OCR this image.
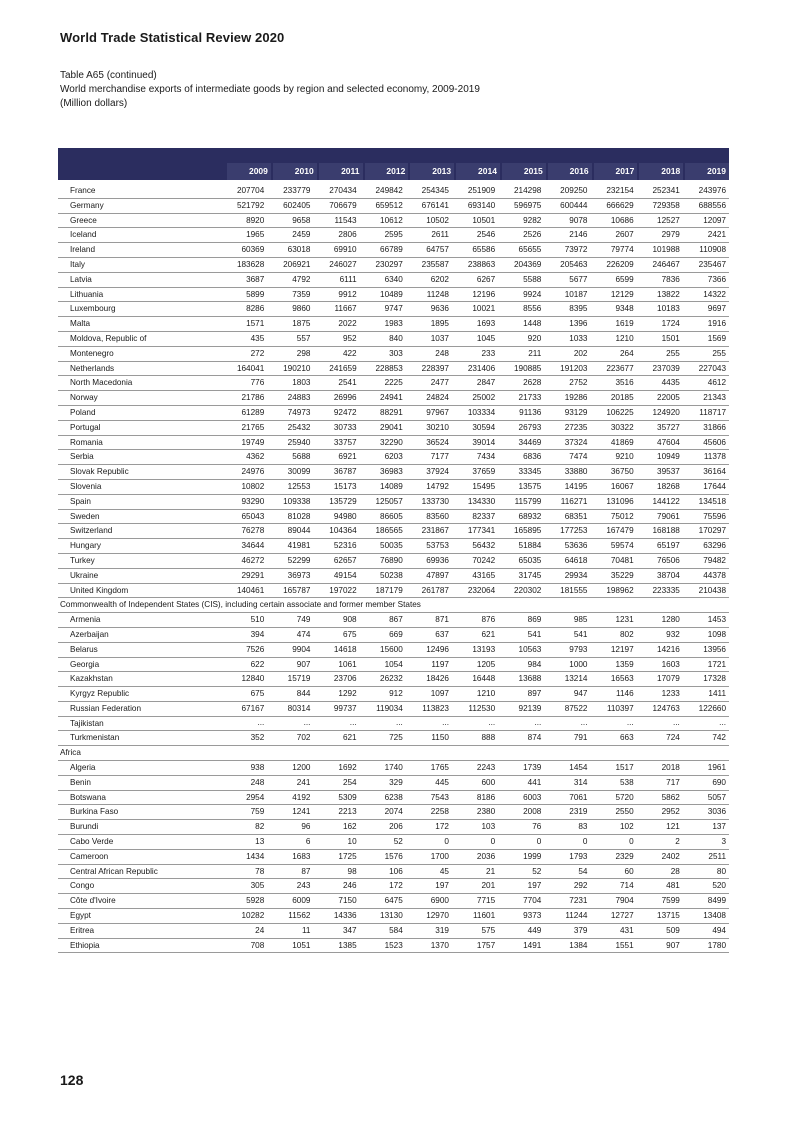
World Trade Statistical Review 2020
Table A65 (continued)
World merchandise exports of intermediate goods by region and selected economy, 2009-2019
(Million dollars)
2009	2010	2011	2012	2013	2014	2015	2016	2017	2018	2019
France	207704	233779	270434	249842	254345	251909	214298	209250	232154	252341	243976
Germany	521792	602405	706679	659512	676141	693140	596975	600444	666629	729358	688556
Greece	8920	9658	11543	10612	10502	10501	9282	9078	10686	12527	12097
Iceland	1965	2459	2806	2595	2611	2546	2526	2146	2607	2979	2421
Ireland	60369	63018	69910	66789	64757	65586	65655	73972	79774	101988	110908
Italy	183628	206921	246027	230297	235587	238863	204369	205463	226209	246467	235467
Latvia	3687	4792	6111	6340	6202	6267	5588	5677	6599	7836	7366
Lithuania	5899	7359	9912	10489	11248	12196	9924	10187	12129	13822	14322
Luxembourg	8286	9860	11667	9747	9636	10021	8556	8395	9348	10183	9697
Malta	1571	1875	2022	1983	1895	1693	1448	1396	1619	1724	1916
Moldova, Republic of	435	557	952	840	1037	1045	920	1033	1210	1501	1569
Montenegro	272	298	422	303	248	233	211	202	264	255	255
Netherlands	164041	190210	241659	228853	228397	231406	190885	191203	223677	237039	227043
North Macedonia	776	1803	2541	2225	2477	2847	2628	2752	3516	4435	4612
Norway	21786	24883	26996	24941	24824	25002	21733	19286	20185	22005	21343
Poland	61289	74973	92472	88291	97967	103334	91136	93129	106225	124920	118717
Portugal	21765	25432	30733	29041	30210	30594	26793	27235	30322	35727	31866
Romania	19749	25940	33757	32290	36524	39014	34469	37324	41869	47604	45606
Serbia	4362	5688	6921	6203	7177	7434	6836	7474	9210	10949	11378
Slovak Republic	24976	30099	36787	36983	37924	37659	33345	33880	36750	39537	36164
Slovenia	10802	12553	15173	14089	14792	15495	13575	14195	16067	18268	17644
Spain	93290	109338	135729	125057	133730	134330	115799	116271	131096	144122	134518
Sweden	65043	81028	94980	86605	83560	82337	68932	68351	75012	79061	75596
Switzerland	76278	89044	104364	186565	231867	177341	165895	177253	167479	168188	170297
Hungary	34644	41981	52316	50035	53753	56432	51884	53636	59574	65197	63296
Turkey	46272	52299	62657	76890	69936	70242	65035	64618	70481	76506	79482
Ukraine	29291	36973	49154	50238	47897	43165	31745	29934	35229	38704	44378
United Kingdom	140461	165787	197022	187179	261787	232064	220302	181555	198962	223335	210438
Commonwealth of Independent States (CIS), including certain associate and former member States
Armenia	510	749	908	867	871	876	869	985	1231	1280	1453
Azerbaijan	394	474	675	669	637	621	541	541	802	932	1098
Belarus	7526	9904	14618	15600	12496	13193	10563	9793	12197	14216	13956
Georgia	622	907	1061	1054	1197	1205	984	1000	1359	1603	1721
Kazakhstan	12840	15719	23706	26232	18426	16448	13688	13214	16563	17079	17328
Kyrgyz Republic	675	844	1292	912	1097	1210	897	947	1146	1233	1411
Russian Federation	67167	80314	99737	119034	113823	112530	92139	87522	110397	124763	122660
Tajikistan	...	...	...	...	...	...	...	...	...	...	...
Turkmenistan	352	702	621	725	1150	888	874	791	663	724	742
Africa
Algeria	938	1200	1692	1740	1765	2243	1739	1454	1517	2018	1961
Benin	248	241	254	329	445	600	441	314	538	717	690
Botswana	2954	4192	5309	6238	7543	8186	6003	7061	5720	5862	5057
Burkina Faso	759	1241	2213	2074	2258	2380	2008	2319	2550	2952	3036
Burundi	82	96	162	206	172	103	76	83	102	121	137
Cabo Verde	13	6	10	52	0	0	0	0	0	2	3
Cameroon	1434	1683	1725	1576	1700	2036	1999	1793	2329	2402	2511
Central African Republic	78	87	98	106	45	21	52	54	60	28	80
Congo	305	243	246	172	197	201	197	292	714	481	520
Côte d'Ivoire	5928	6009	7150	6475	6900	7715	7704	7231	7904	7599	8499
Egypt	10282	11562	14336	13130	12970	11601	9373	11244	12727	13715	13408
Eritrea	24	11	347	584	319	575	449	379	431	509	494
Ethiopia	708	1051	1385	1523	1370	1757	1491	1384	1551	907	1780
128
